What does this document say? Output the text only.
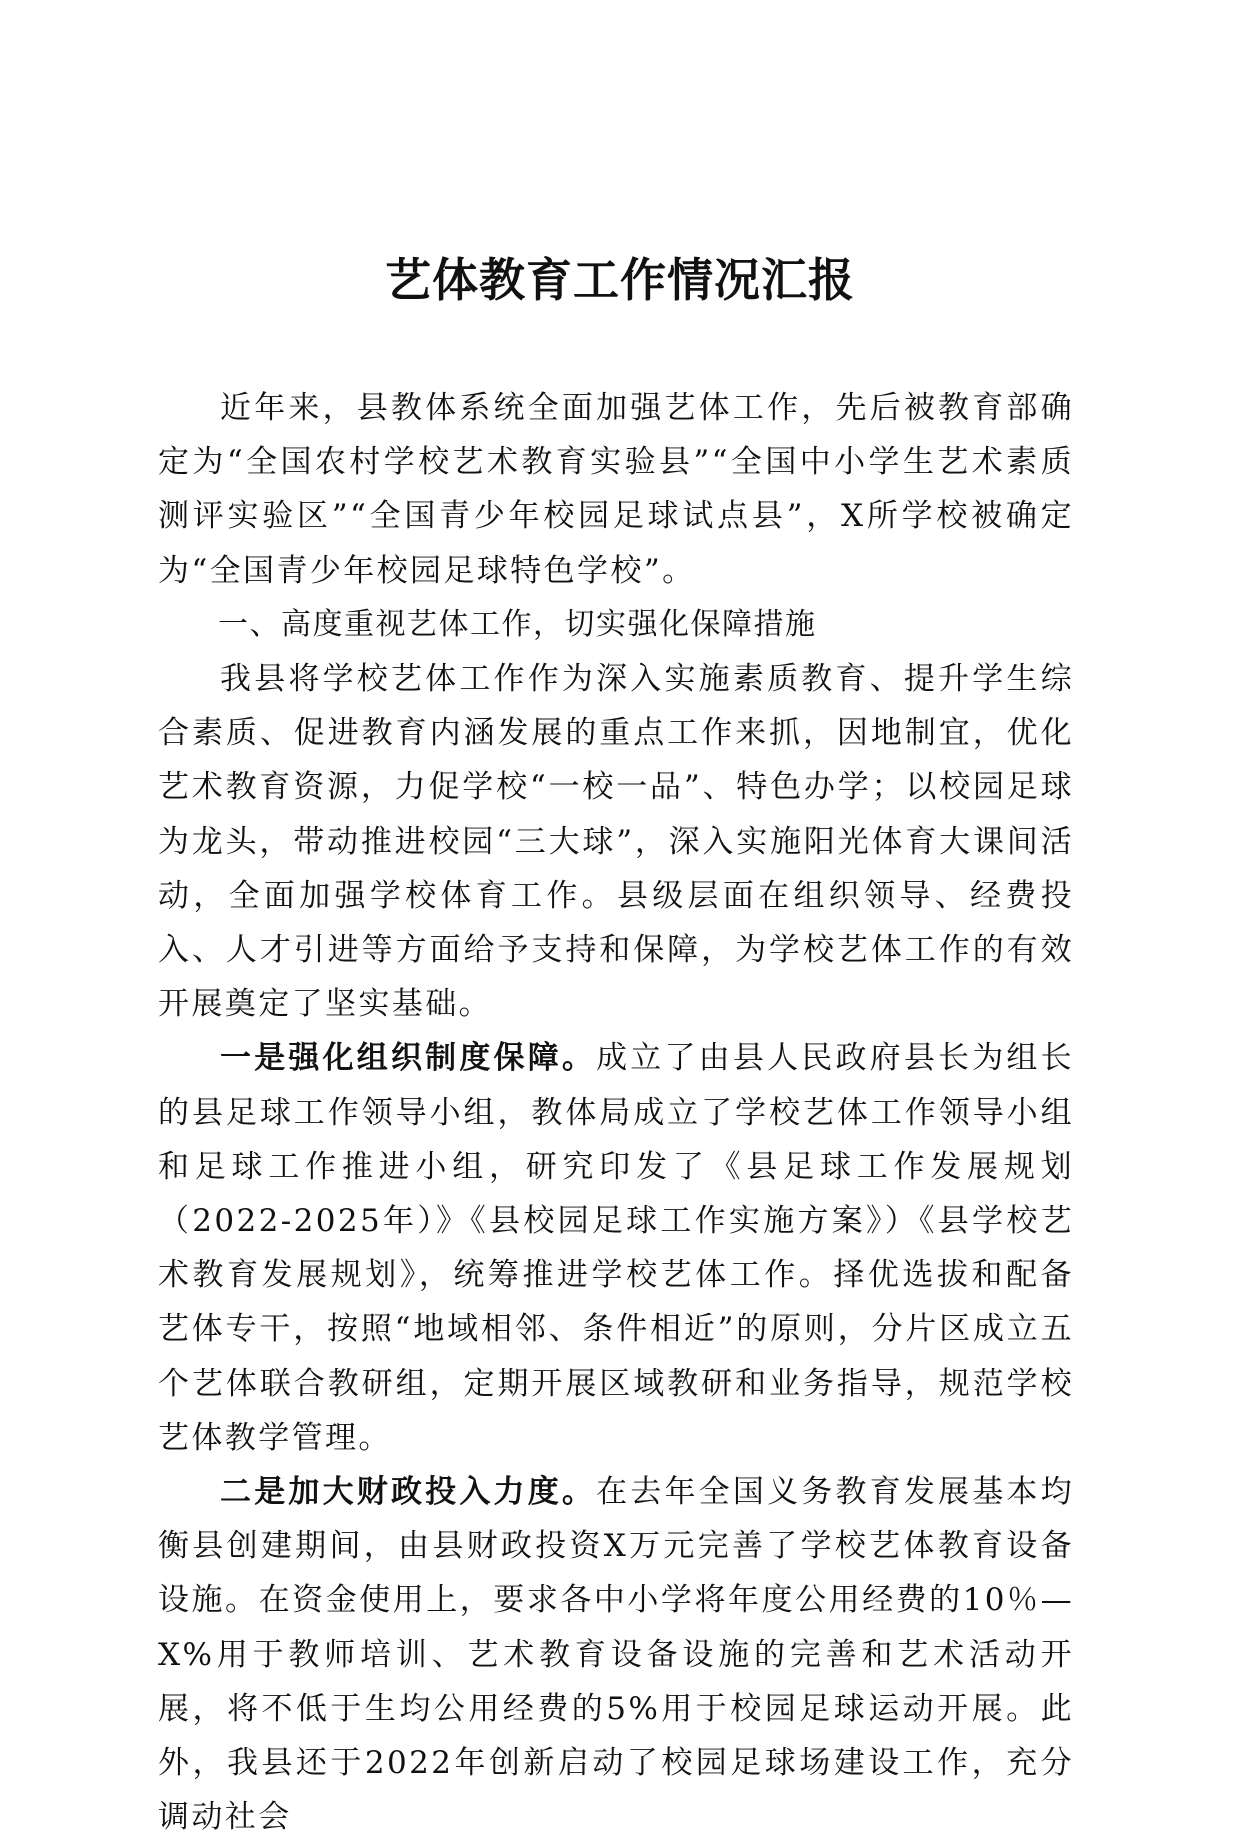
艺体教育工作情况汇报

近年来，县教体系统全面加强艺体工作，先后被教育部确定为“全国农村学校艺术教育实验县”“全国中小学生艺术素质测评实验区”“全国青少年校园足球试点县”，X所学校被确定为“全国青少年校园足球特色学校”。

一、高度重视艺体工作，切实强化保障措施

我县将学校艺体工作作为深入实施素质教育、提升学生综合素质、促进教育内涵发展的重点工作来抓，因地制宜，优化艺术教育资源，力促学校“一校一品”、特色办学；以校园足球为龙头，带动推进校园“三大球”，深入实施阳光体育大课间活动，全面加强学校体育工作。县级层面在组织领导、经费投入、人才引进等方面给予支持和保障，为学校艺体工作的有效开展奠定了坚实基础。

一是强化组织制度保障。成立了由县人民政府县长为组长的县足球工作领导小组，教体局成立了学校艺体工作领导小组和足球工作推进小组，研究印发了《县足球工作发展规划（2022-2025年）》《县校园足球工作实施方案》）《县学校艺术教育发展规划》，统筹推进学校艺体工作。择优选拔和配备艺体专干，按照“地域相邻、条件相近”的原则，分片区成立五个艺体联合教研组，定期开展区域教研和业务指导，规范学校艺体教学管理。

二是加大财政投入力度。在去年全国义务教育发展基本均衡县创建期间，由县财政投资X万元完善了学校艺体教育设备设施。在资金使用上，要求各中小学将年度公用经费的10％—X%用于教师培训、艺术教育设备设施的完善和艺术活动开展，将不低于生均公用经费的5%用于校园足球运动开展。此外，我县还于2022年创新启动了校园足球场建设工作，充分调动社会
